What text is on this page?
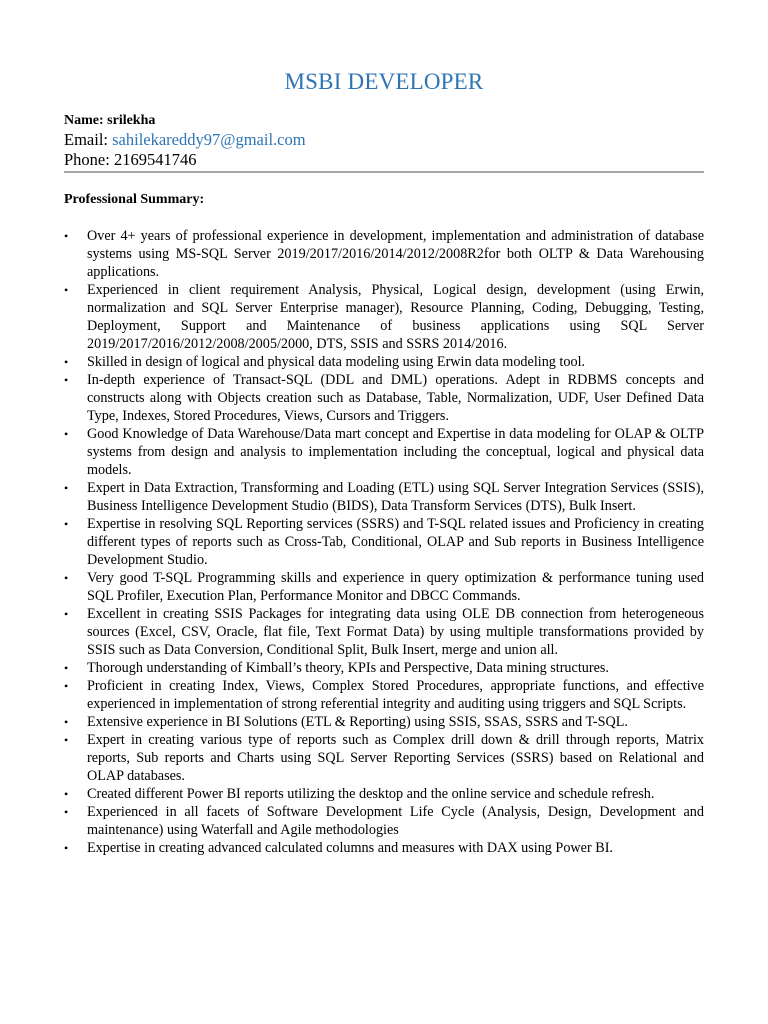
MSBI DEVELOPER
Name: srilekha
Email: sahilekareddy97@gmail.com
Phone: 2169541746
Professional Summary:
• Over 4+ years of professional experience in development, implementation and administration of database systems using MS-SQL Server 2019/2017/2016/2014/2012/2008R2for both OLTP & Data Warehousing applications.
• Experienced in client requirement Analysis, Physical, Logical design, development (using Erwin, normalization and SQL Server Enterprise manager), Resource Planning, Coding, Debugging, Testing, Deployment, Support and Maintenance of business applications using SQL Server 2019/2017/2016/2012/2008/2005/2000, DTS, SSIS and SSRS 2014/2016.
• Skilled in design of logical and physical data modeling using Erwin data modeling tool.
• In-depth experience of Transact-SQL (DDL and DML) operations. Adept in RDBMS concepts and constructs along with Objects creation such as Database, Table, Normalization, UDF, User Defined Data Type, Indexes, Stored Procedures, Views, Cursors and Triggers.
• Good Knowledge of Data Warehouse/Data mart concept and Expertise in data modeling for OLAP & OLTP systems from design and analysis to implementation including the conceptual, logical and physical data models.
• Expert in Data Extraction, Transforming and Loading (ETL) using SQL Server Integration Services (SSIS), Business Intelligence Development Studio (BIDS), Data Transform Services (DTS), Bulk Insert.
• Expertise in resolving SQL Reporting services (SSRS) and T-SQL related issues and Proficiency in creating different types of reports such as Cross-Tab, Conditional, OLAP and Sub reports in Business Intelligence Development Studio.
• Very good T-SQL Programming skills and experience in query optimization & performance tuning used SQL Profiler, Execution Plan, Performance Monitor and DBCC Commands.
• Excellent in creating SSIS Packages for integrating data using OLE DB connection from heterogeneous sources (Excel, CSV, Oracle, flat file, Text Format Data) by using multiple transformations provided by SSIS such as Data Conversion, Conditional Split, Bulk Insert, merge and union all.
• Thorough understanding of Kimball’s theory, KPIs and Perspective, Data mining structures.
• Proficient in creating Index, Views, Complex Stored Procedures, appropriate functions, and effective experienced in implementation of strong referential integrity and auditing using triggers and SQL Scripts.
• Extensive experience in BI Solutions (ETL & Reporting) using SSIS, SSAS, SSRS and T-SQL.
• Expert in creating various type of reports such as Complex drill down & drill through reports, Matrix reports, Sub reports and Charts using SQL Server Reporting Services (SSRS) based on Relational and OLAP databases.
• Created different Power BI reports utilizing the desktop and the online service and schedule refresh.
• Experienced in all facets of Software Development Life Cycle (Analysis, Design, Development and maintenance) using Waterfall and Agile methodologies
• Expertise in creating advanced calculated columns and measures with DAX using Power BI.
